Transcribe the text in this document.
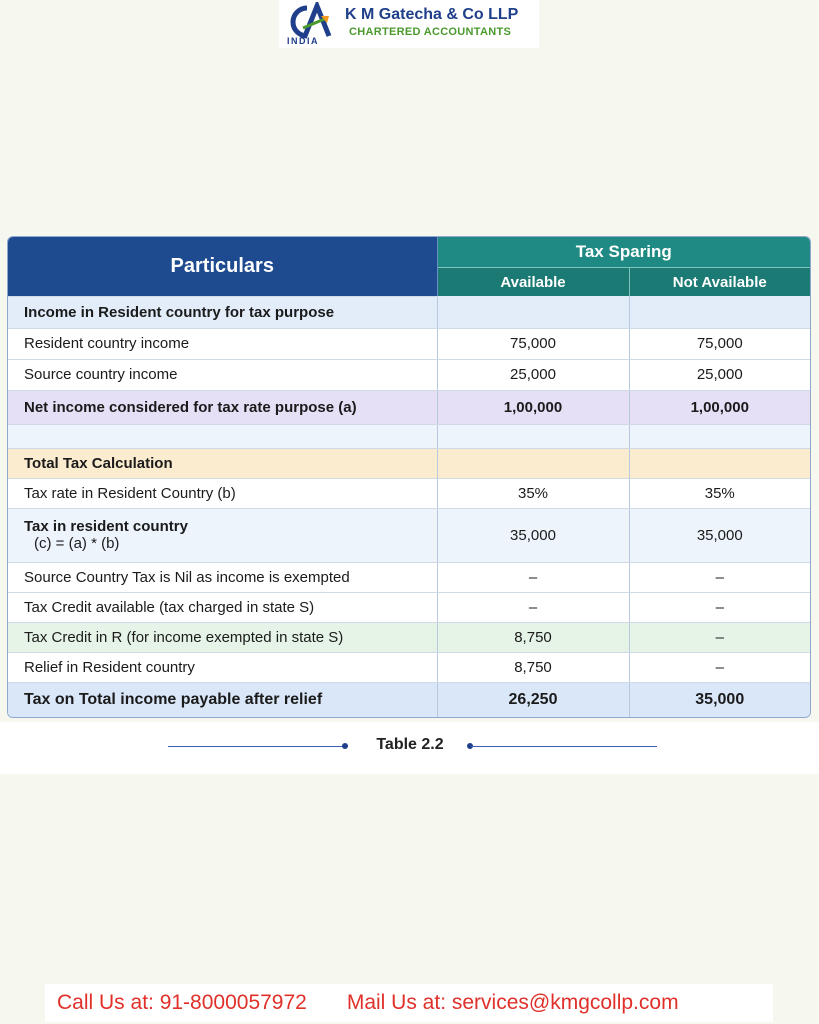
INDIA
K M Gatecha & Co LLP
CHARTERED ACCOUNTANTS
Particulars	Tax Sparing	
	Available	Not Available
Income in Resident country for tax purpose		
Resident country income	75,000	75,000
Source country income	25,000	25,000
Net income considered for tax rate purpose (a)	1,00,000	1,00,000

Total Tax Calculation		
Tax rate in Resident Country (b)	35%	35%
Tax in resident country
(c) = (a) * (b)	35,000	35,000
Source Country Tax is Nil as income is exempted	–	–
Tax Credit available (tax charged in state S)	–	–
Tax Credit in R (for income exempted in state S)	8,750	–
Relief in Resident country	8,750	–
Tax on Total income payable after relief	26,250	35,000
Table 2.2
Call Us at: 91-8000057972 Mail Us at: services@kmgcollp.com
